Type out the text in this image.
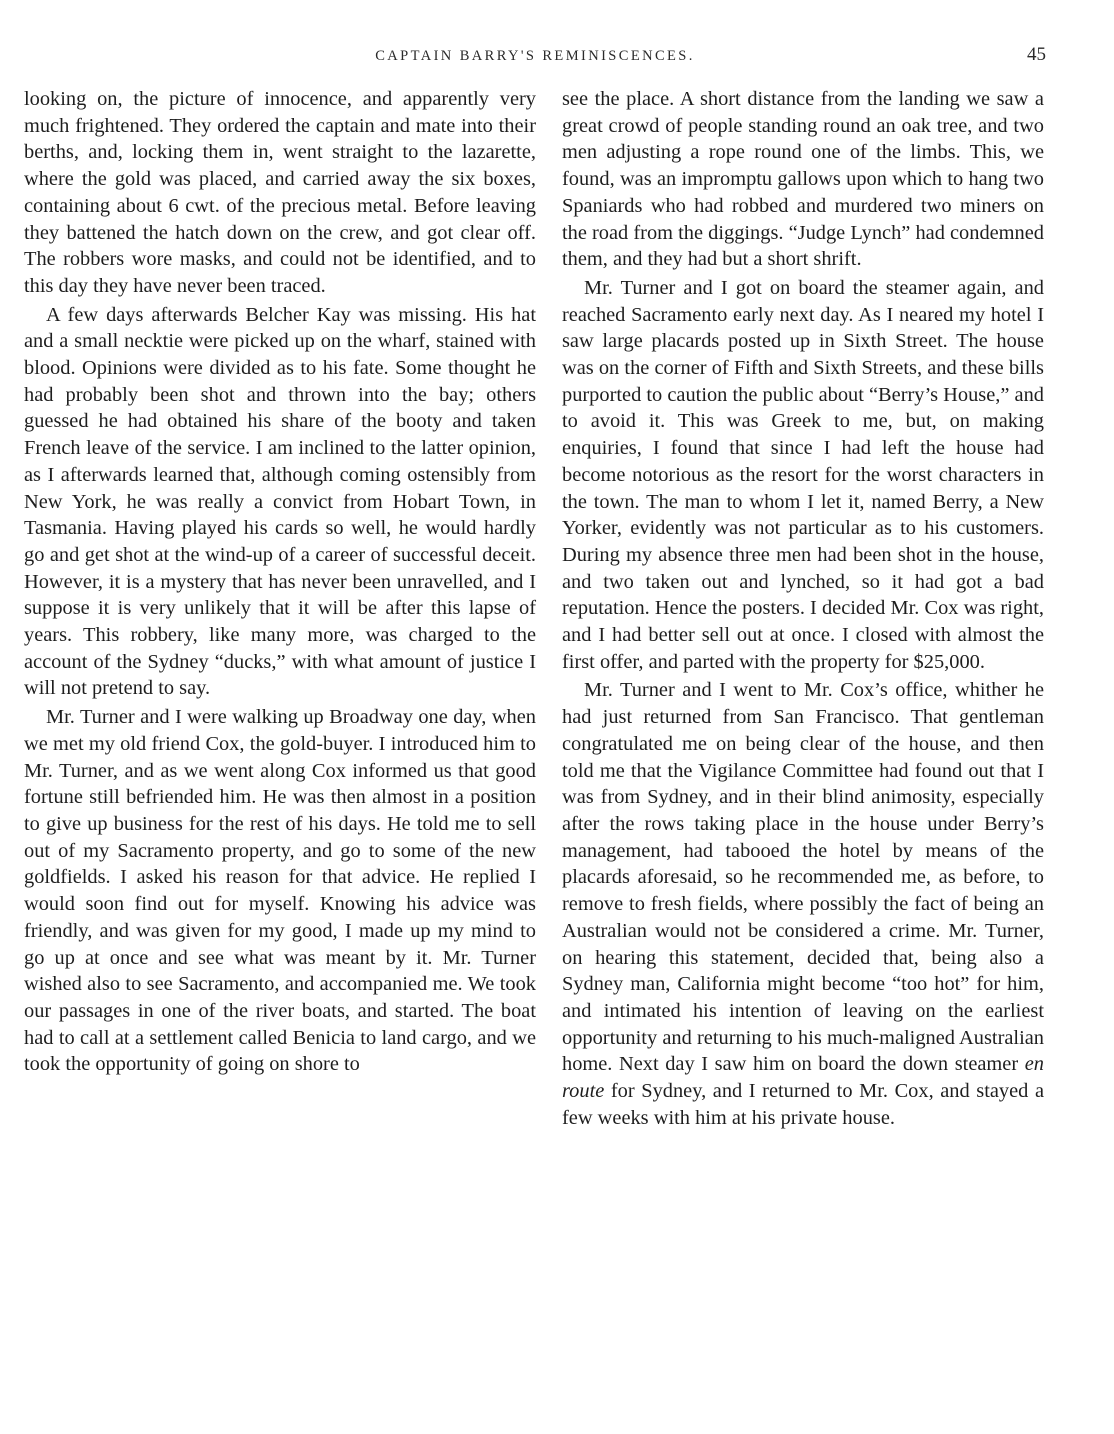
CAPTAIN BARRY'S REMINISCENCES.	45

looking on, the picture of innocence, and apparently very much frightened. They ordered the captain and mate into their berths, and, locking them in, went straight to the lazarette, where the gold was placed, and carried away the six boxes, containing about 6 cwt. of the precious metal. Before leaving they battened the hatch down on the crew, and got clear off. The robbers wore masks, and could not be identified, and to this day they have never been traced.

A few days afterwards Belcher Kay was missing. His hat and a small necktie were picked up on the wharf, stained with blood. Opinions were divided as to his fate. Some thought he had probably been shot and thrown into the bay; others guessed he had obtained his share of the booty and taken French leave of the service. I am inclined to the latter opinion, as I afterwards learned that, although coming ostensibly from New York, he was really a convict from Hobart Town, in Tasmania. Having played his cards so well, he would hardly go and get shot at the wind-up of a career of successful deceit. However, it is a mystery that has never been unravelled, and I suppose it is very unlikely that it will be after this lapse of years. This robbery, like many more, was charged to the account of the Sydney “ducks,” with what amount of justice I will not pretend to say.

Mr. Turner and I were walking up Broadway one day, when we met my old friend Cox, the gold-buyer. I introduced him to Mr. Turner, and as we went along Cox informed us that good fortune still befriended him. He was then almost in a position to give up business for the rest of his days. He told me to sell out of my Sacramento property, and go to some of the new goldfields. I asked his reason for that advice. He replied I would soon find out for myself. Knowing his advice was friendly, and was given for my good, I made up my mind to go up at once and see what was meant by it. Mr. Turner wished also to see Sacramento, and accompanied me. We took our passages in one of the river boats, and started. The boat had to call at a settlement called Benicia to land cargo, and we took the opportunity of going on shore to

see the place. A short distance from the landing we saw a great crowd of people standing round an oak tree, and two men adjusting a rope round one of the limbs. This, we found, was an impromptu gallows upon which to hang two Spaniards who had robbed and murdered two miners on the road from the diggings. “Judge Lynch” had condemned them, and they had but a short shrift.

Mr. Turner and I got on board the steamer again, and reached Sacramento early next day. As I neared my hotel I saw large placards posted up in Sixth Street. The house was on the corner of Fifth and Sixth Streets, and these bills purported to caution the public about “Berry’s House,” and to avoid it. This was Greek to me, but, on making enquiries, I found that since I had left the house had become notorious as the resort for the worst characters in the town. The man to whom I let it, named Berry, a New Yorker, evidently was not particular as to his customers. During my absence three men had been shot in the house, and two taken out and lynched, so it had got a bad reputation. Hence the posters. I decided Mr. Cox was right, and I had better sell out at once. I closed with almost the first offer, and parted with the property for $25,000.

Mr. Turner and I went to Mr. Cox’s office, whither he had just returned from San Francisco. That gentleman congratulated me on being clear of the house, and then told me that the Vigilance Committee had found out that I was from Sydney, and in their blind animosity, especially after the rows taking place in the house under Berry’s management, had tabooed the hotel by means of the placards aforesaid, so he recommended me, as before, to remove to fresh fields, where possibly the fact of being an Australian would not be considered a crime. Mr. Turner, on hearing this statement, decided that, being also a Sydney man, California might become “too hot” for him, and intimated his intention of leaving on the earliest opportunity and returning to his much-maligned Australian home. Next day I saw him on board the down steamer en route for Sydney, and I returned to Mr. Cox, and stayed a few weeks with him at his private house.
